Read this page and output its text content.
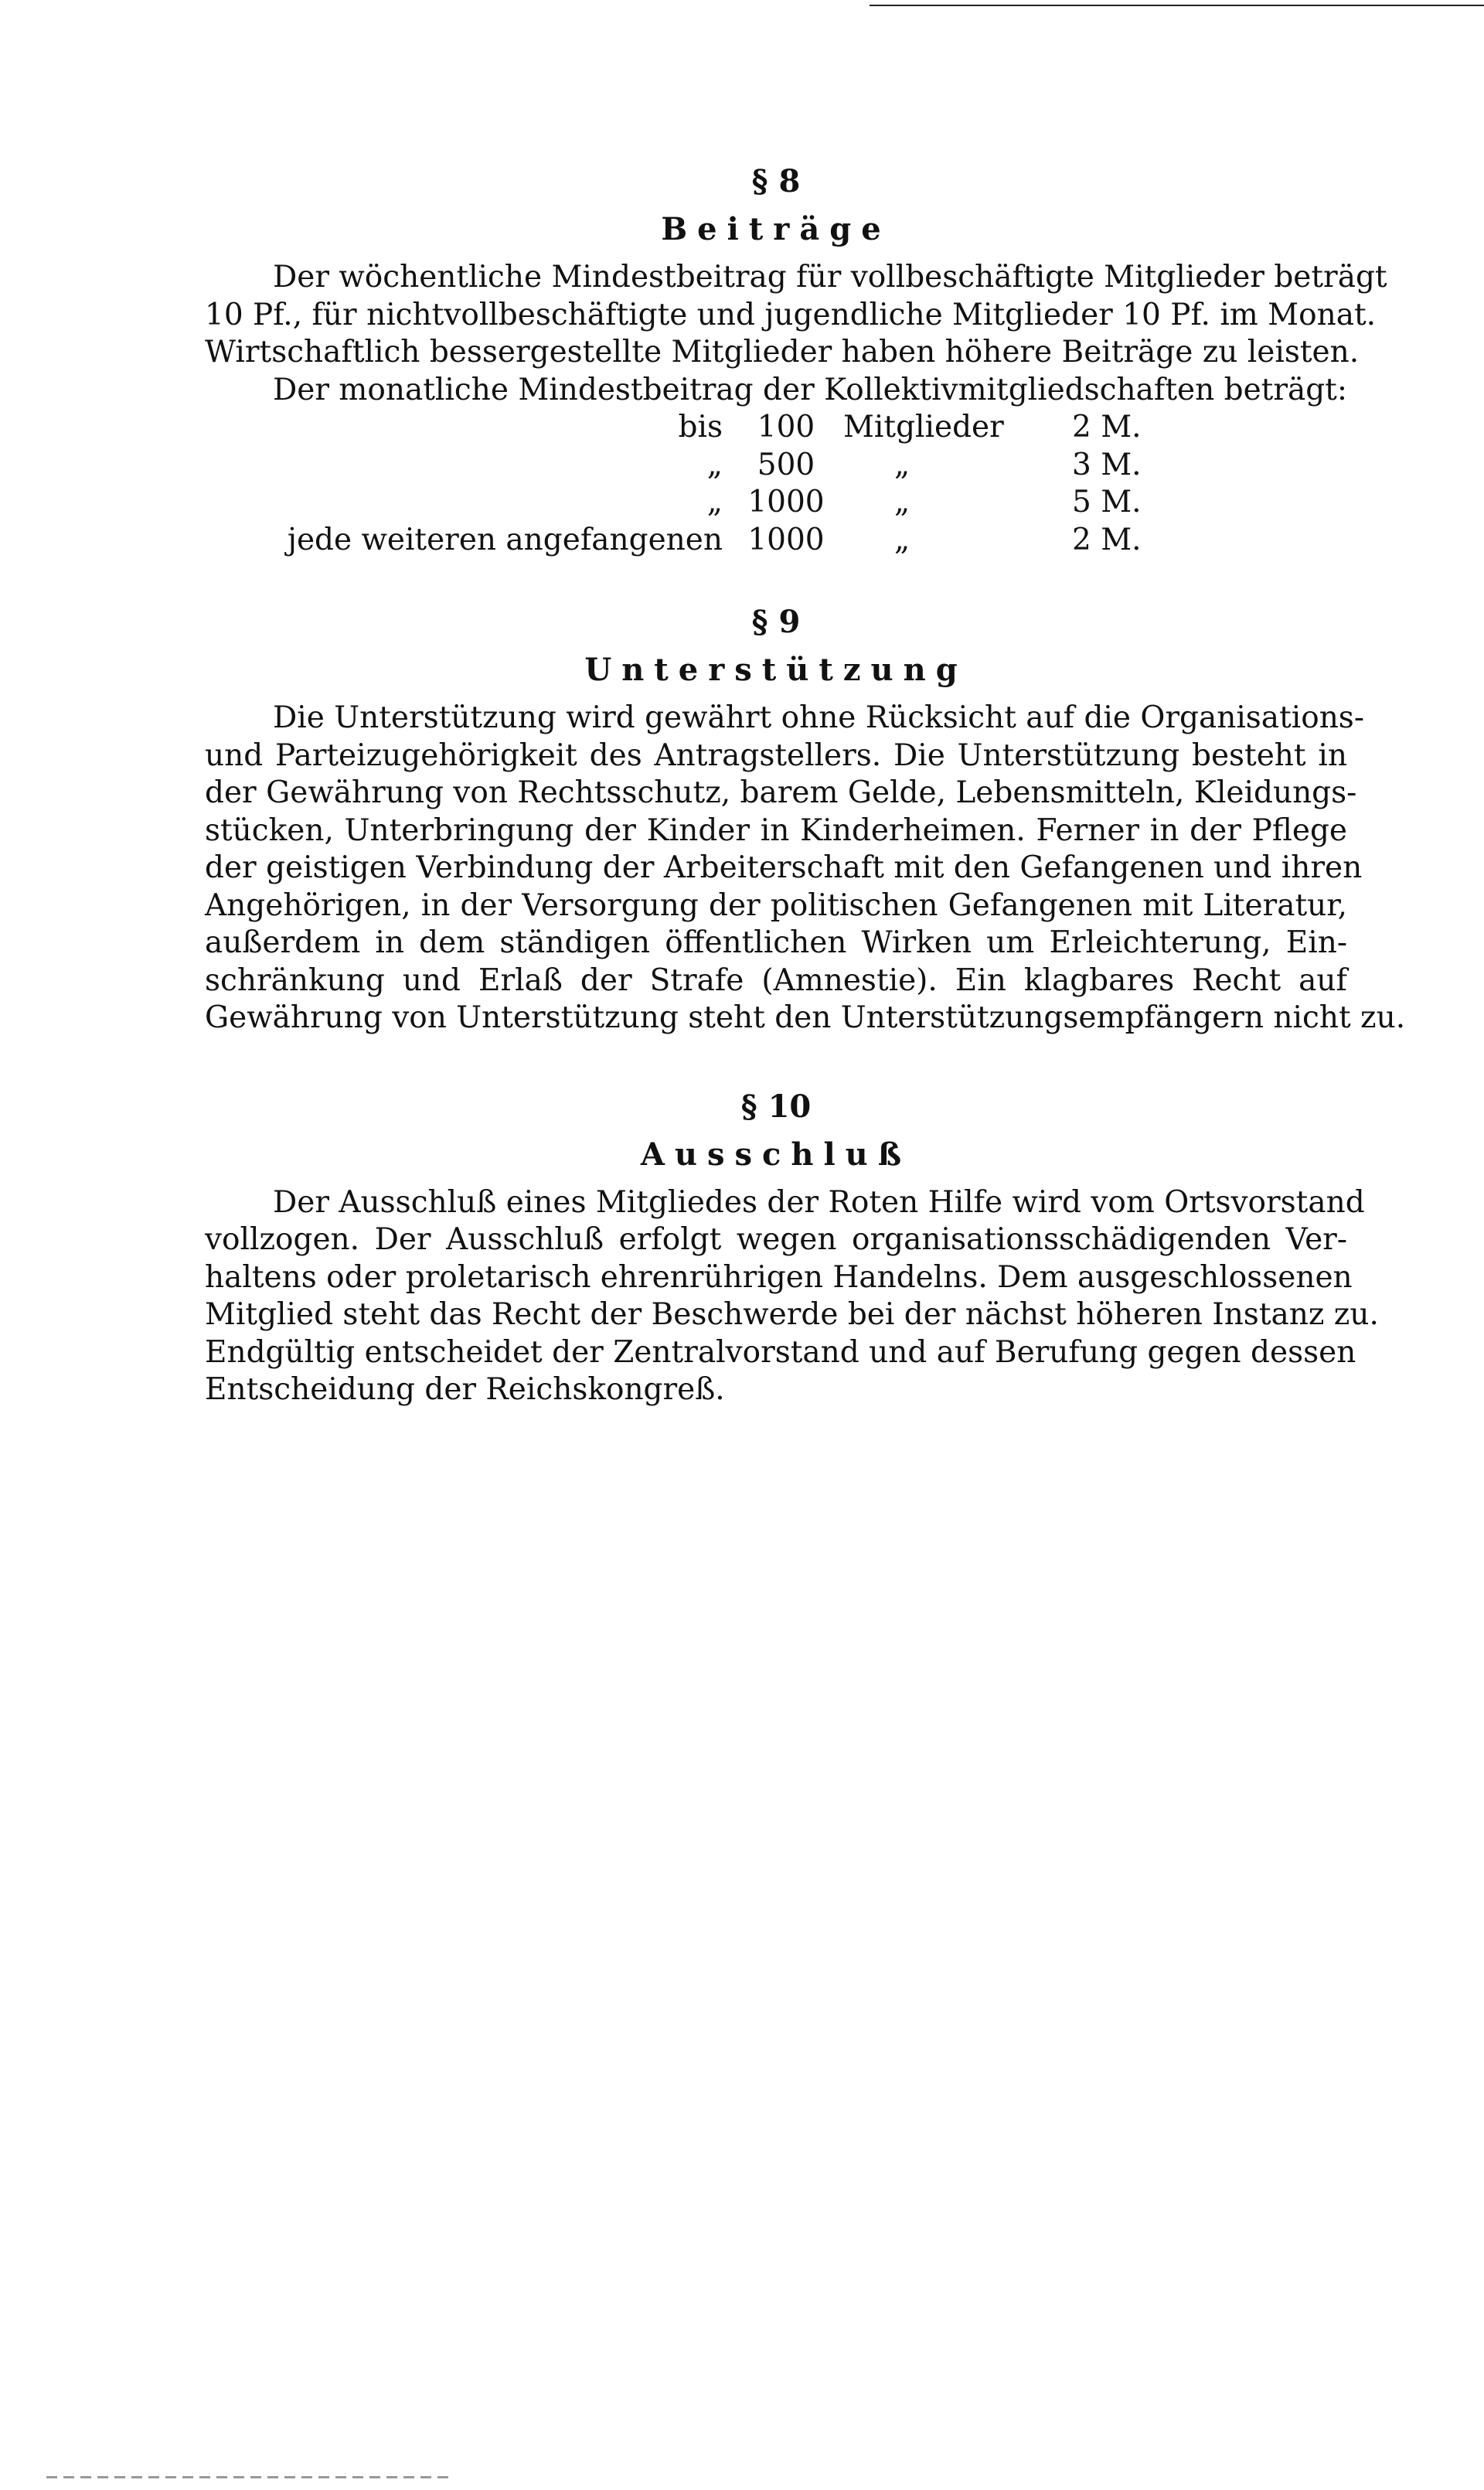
§ 8
Beiträge

Der wöchentliche Mindestbeitrag für vollbeschäftigte Mitglieder beträgt
10 Pf., für nichtvollbeschäftigte und jugendliche Mitglieder 10 Pf. im Monat.
Wirtschaftlich bessergestellte Mitglieder haben höhere Beiträge zu leisten.
Der monatliche Mindestbeitrag der Kollektivmitgliedschaften beträgt:

bis	100	Mitglieder	2 M.
„	500	„	3 M.
„	1000	„	5 M.
jede weiteren angefangenen	1000	„	2 M.
§ 9
Unterstützung

Die Unterstützung wird gewährt ohne Rücksicht auf die Organisations-
und Parteizugehörigkeit des Antragstellers. Die Unterstützung besteht in
der Gewährung von Rechtsschutz, barem Gelde, Lebensmitteln, Kleidungs-
stücken, Unterbringung der Kinder in Kinderheimen. Ferner in der Pflege
der geistigen Verbindung der Arbeiterschaft mit den Gefangenen und ihren
Angehörigen, in der Versorgung der politischen Gefangenen mit Literatur,
außerdem in dem ständigen öffentlichen Wirken um Erleichterung, Ein-
schränkung und Erlaß der Strafe (Amnestie). Ein klagbares Recht auf
Gewährung von Unterstützung steht den Unterstützungsempfängern nicht zu.

§ 10
Ausschluß

Der Ausschluß eines Mitgliedes der Roten Hilfe wird vom Ortsvorstand
vollzogen. Der Ausschluß erfolgt wegen organisationsschädigenden Ver-
haltens oder proletarisch ehrenrührigen Handelns. Dem ausgeschlossenen
Mitglied steht das Recht der Beschwerde bei der nächst höheren Instanz zu.
Endgültig entscheidet der Zentralvorstand und auf Berufung gegen dessen
Entscheidung der Reichskongreß.
